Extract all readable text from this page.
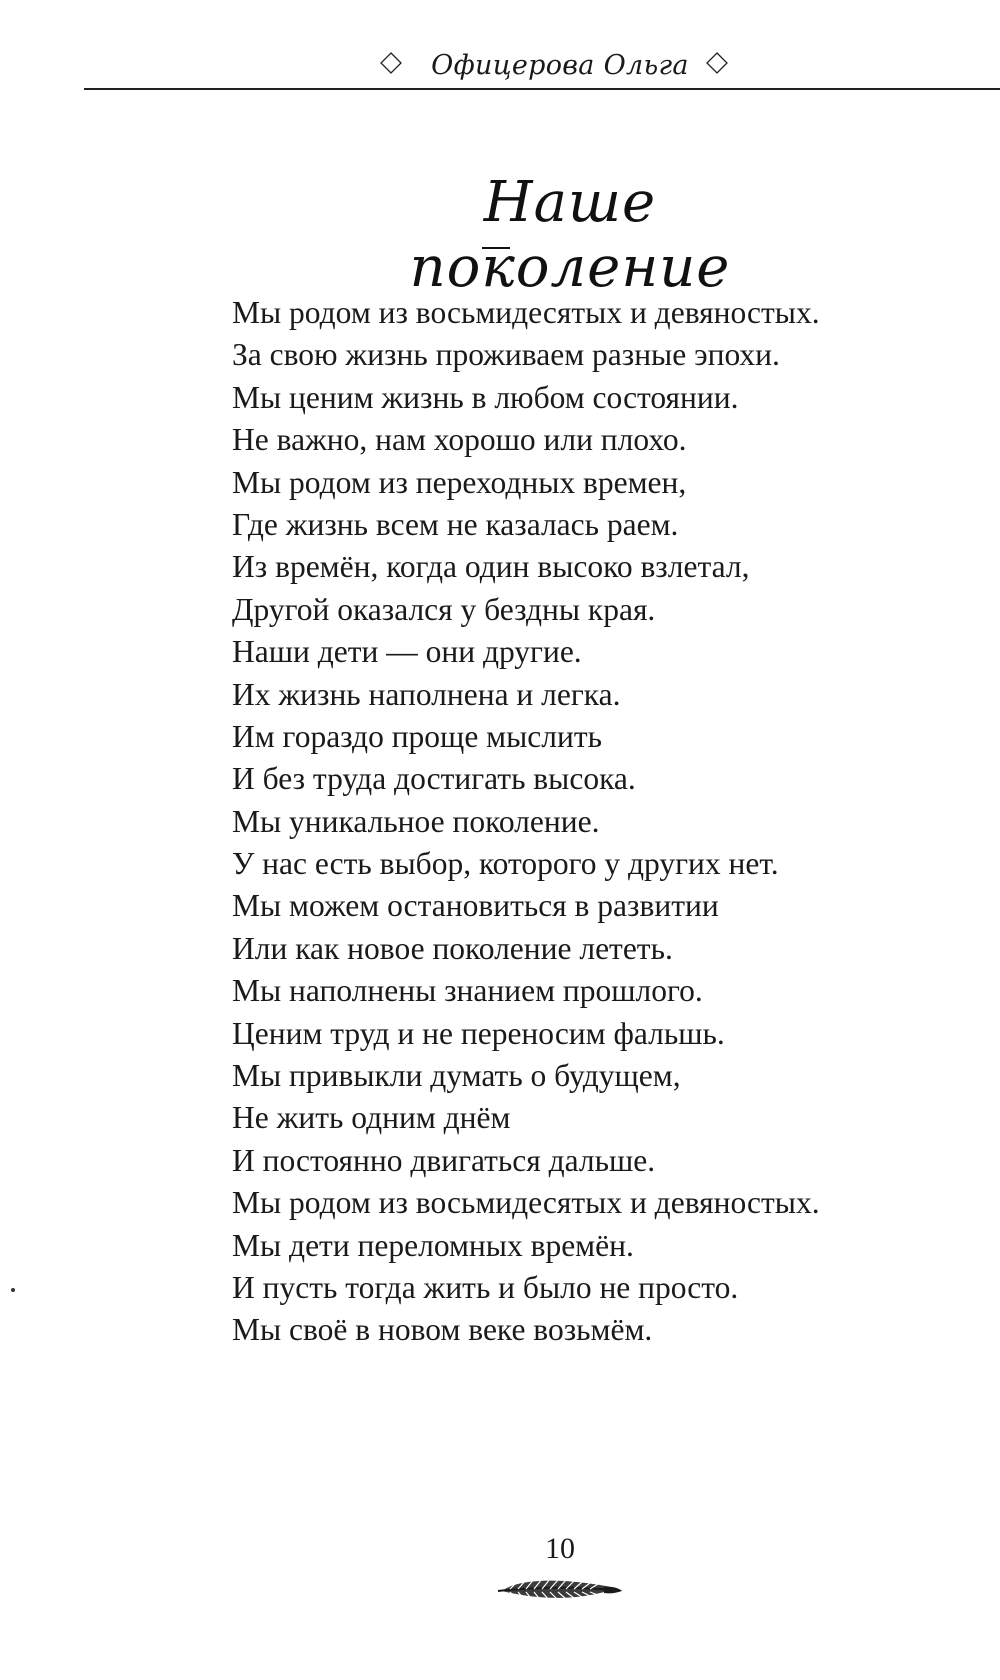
Офицерова Ольга
Наше поколение
Мы родом из восьмидесятых и девяностых.
За свою жизнь проживаем разные эпохи.
Мы ценим жизнь в любом состоянии.
Не важно, нам хорошо или плохо.
Мы родом из переходных времен,
Где жизнь всем не казалась раем.
Из времён, когда один высоко взлетал,
Другой оказался у бездны края.
Наши дети — они другие.
Их жизнь наполнена и легка.
Им гораздо проще мыслить
И без труда достигать высока.
Мы уникальное поколение.
У нас есть выбор, которого у других нет.
Мы можем остановиться в развитии
Или как новое поколение лететь.
Мы наполнены знанием прошлого.
Ценим труд и не переносим фальшь.
Мы привыкли думать о будущем,
Не жить одним днём
И постоянно двигаться дальше.
Мы родом из восьмидесятых и девяностых.
Мы дети переломных времён.
И пусть тогда жить и было не просто.
Мы своё в новом веке возьмём.
10
